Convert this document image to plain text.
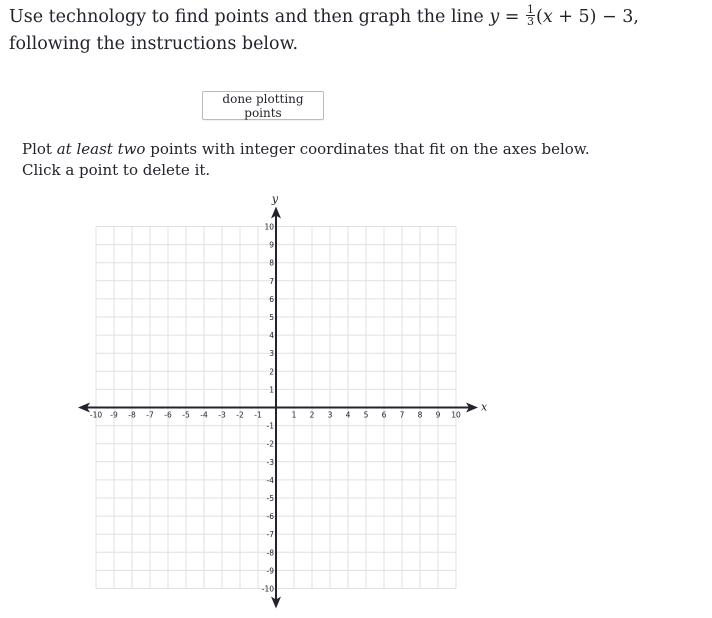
Use technology to find points and then graph the line $y = \frac{1}{3} (x + 5) - 3$, following the instructions below.
done plotting points
Plot at least two points with integer coordinates that fit on the axes below.
Click a point to delete it.
x
y
-10 -9 -8 -7 -6 -5 -4 -3 -2 -1	1 2 3 4 5 6 7 8 9 10
10
9
8
7
6
5
4
3
2
1
-1
-2
-3
-4
-5
-6
-7
-8
-9
-10
